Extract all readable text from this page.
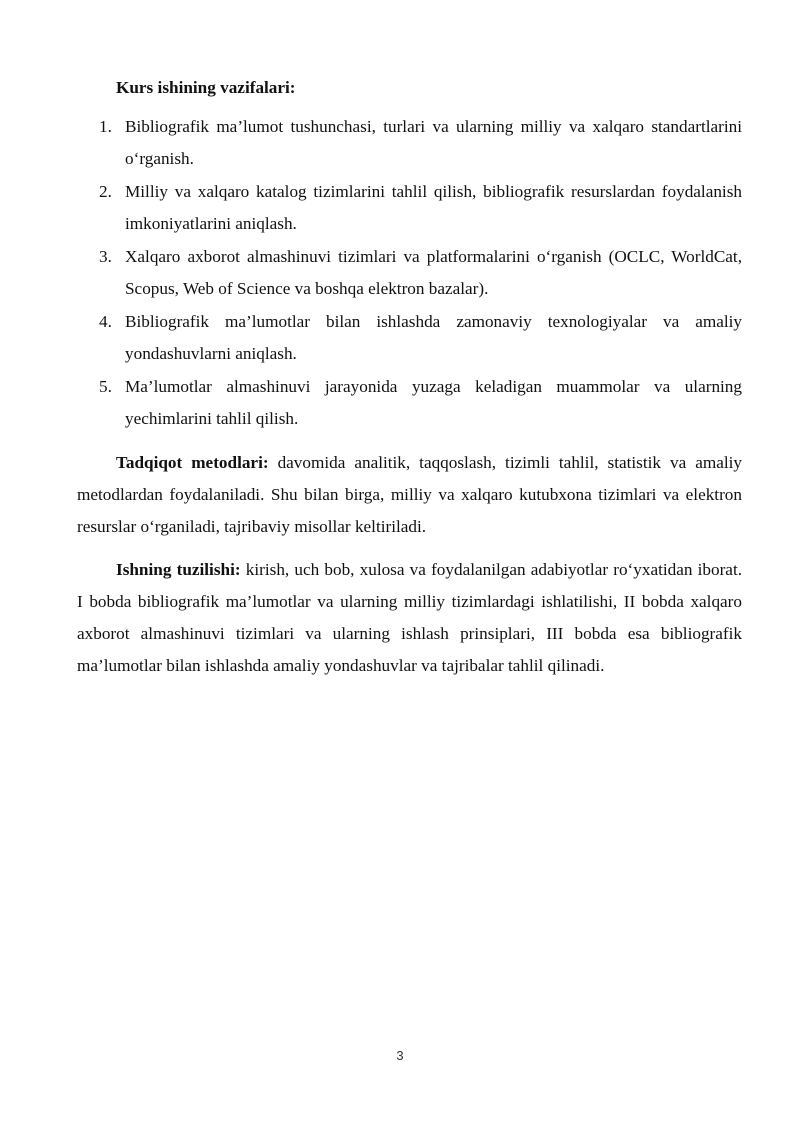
Kurs ishining vazifalari:
1. Bibliografik ma’lumot tushunchasi, turlari va ularning milliy va xalqaro standartlarini o‘rganish.
2. Milliy va xalqaro katalog tizimlarini tahlil qilish, bibliografik resurslardan foydalanish imkoniyatlarini aniqlash.
3. Xalqaro axborot almashinuvi tizimlari va platformalarini o‘rganish (OCLC, WorldCat, Scopus, Web of Science va boshqa elektron bazalar).
4. Bibliografik ma’lumotlar bilan ishlashda zamonaviy texnologiyalar va amaliy yondashuvlarni aniqlash.
5. Ma’lumotlar almashinuvi jarayonida yuzaga keladigan muammolar va ularning yechimlarini tahlil qilish.

Tadqiqot metodlari: davomida analitik, taqqoslash, tizimli tahlil, statistik va amaliy metodlardan foydalaniladi. Shu bilan birga, milliy va xalqaro kutubxona tizimlari va elektron resurslar o‘rganiladi, tajribaviy misollar keltiriladi.

Ishning tuzilishi: kirish, uch bob, xulosa va foydalanilgan adabiyotlar ro‘yxatidan iborat. I bobda bibliografik ma’lumotlar va ularning milliy tizimlardagi ishlatilishi, II bobda xalqaro axborot almashinuvi tizimlari va ularning ishlash prinsiplari, III bobda esa bibliografik ma’lumotlar bilan ishlashda amaliy yondashuvlar va tajribalar tahlil qilinadi.

3
